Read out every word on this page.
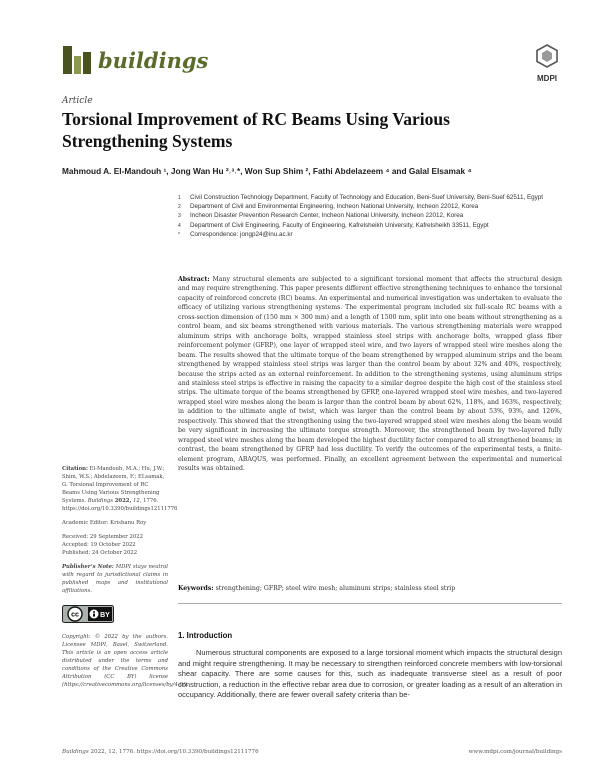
buildings
MDPI
Article
Torsional Improvement of RC Beams Using Various Strengthening Systems
Mahmoud A. El-Mandouh ¹, Jong Wan Hu ²˒³˒*, Won Sup Shim ², Fathi Abdelazeem ⁴ and Galal Elsamak ⁴
1	Civil Construction Technology Department, Faculty of Technology and Education, Beni-Suef University, Beni-Suef 62511, Egypt
2	Department of Civil and Environmental Engineering, Incheon National University, Incheon 22012, Korea
3	Incheon Disaster Prevention Research Center, Incheon National University, Incheon 22012, Korea
4	Department of Civil Engineering, Faculty of Engineering, Kafrelsheikh University, Kafrelsheikh 33511, Egypt
*	Correspondence: jongp24@inu.ac.kr
Abstract: Many structural elements are subjected to a significant torsional moment that affects the structural design and may require strengthening. This paper presents different effective strengthening techniques to enhance the torsional capacity of reinforced concrete (RC) beams. An experimental and numerical investigation was undertaken to evaluate the efficacy of utilizing various strengthening systems. The experimental program included six full-scale RC beams with a cross-section dimension of (150 mm × 300 mm) and a length of 1500 mm, split into one beam without strengthening as a control beam, and six beams strengthened with various materials. The various strengthening materials were wrapped aluminum strips with anchorage bolts, wrapped stainless steel strips with anchorage bolts, wrapped glass fiber reinforcement polymer (GFRP), one layer of wrapped steel wire, and two layers of wrapped steel wire meshes along the beam. The results showed that the ultimate torque of the beam strengthened by wrapped aluminum strips and the beam strengthened by wrapped stainless steel strips was larger than the control beam by about 32% and 40%, respectively, because the strips acted as an external reinforcement. In addition to the strengthening systems, using aluminum strips and stainless steel strips is effective in raising the capacity to a similar degree despite the high cost of the stainless steel strips. The ultimate torque of the beams strengthened by GFRP, one-layered wrapped steel wire meshes, and two-layered wrapped steel wire meshes along the beam is larger than the control beam by about 62%, 118%, and 163%, respectively, in addition to the ultimate angle of twist, which was larger than the control beam by about 53%, 93%, and 126%, respectively. This showed that the strengthening using the two-layered wrapped steel wire meshes along the beam would be very significant in increasing the ultimate torque strength. Moreover, the strengthened beam by two-layered fully wrapped steel wire meshes along the beam developed the highest ductility factor compared to all strengthened beams; in contrast, the beam strengthened by GFRP had less ductility. To verify the outcomes of the experimental tests, a finite-element program, ABAQUS, was performed. Finally, an excellent agreement between the experimental and numerical results was obtained.
Keywords: strengthening; GFRP; steel wire mesh; aluminum strips; stainless steel strip
Citation: El-Mandouh, M.A.; Hu, J.W.; Shim, W.S.; Abdelazeem, F.; ELsamak, G. Torsional Improvement of RC Beams Using Various Strengthening Systems. Buildings 2022, 12, 1776. https://doi.org/10.3390/buildings12111776
Academic Editor: Krishanu Roy

Received: 29 September 2022

Accepted: 19 October 2022

Published: 24 October 2022

Publisher’s Note: MDPI stays neutral with regard to jurisdictional claims in published maps and institutional affiliations.
cc	BY
Copyright: © 2022 by the authors. Licensee MDPI, Basel, Switzerland. This article is an open access article distributed under the terms and conditions of the Creative Commons Attribution (CC BY) license (https://creativecommons.org/licenses/by/4.0/).
1. Introduction

Numerous structural components are exposed to a large torsional moment which impacts the structural design and might require strengthening. It may be necessary to strengthen reinforced concrete members with low-torsional shear capacity. There are some causes for this, such as inadequate transverse steel as a result of poor construction, a reduction in the effective rebar area due to corrosion, or greater loading as a result of an alteration in occupancy. Additionally, there are fewer overall safety criteria than be-

Buildings 2022, 12, 1776. https://doi.org/10.3390/buildings12111776	www.mdpi.com/journal/buildings
